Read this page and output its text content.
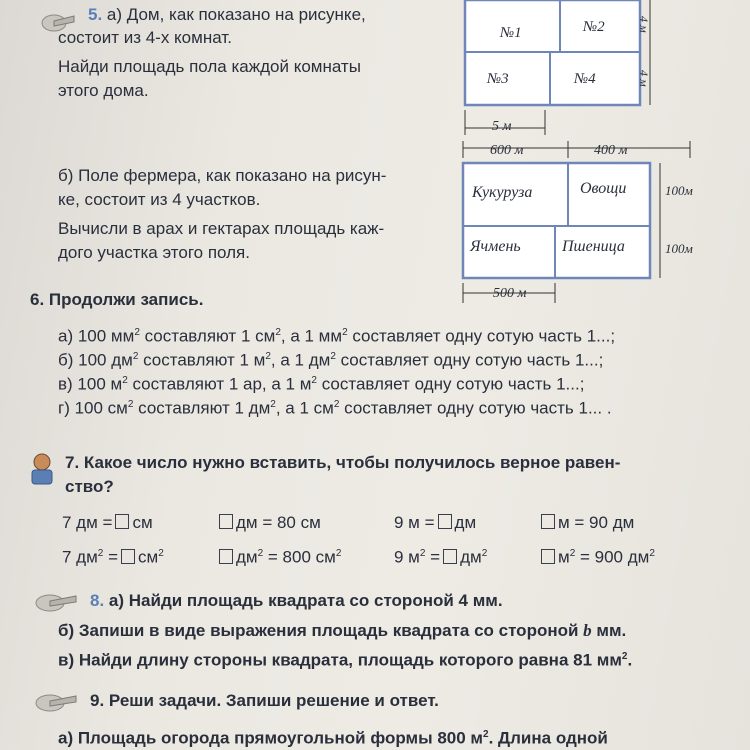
5. а) Дом, как показано на рисунке,
состоит из 4-х комнат.
Найди площадь пола каждой комнаты
этого дома.
№1	№2
№3	№4
5 м
4 м
4 м
600 м	400 м
Кукуруза	Овощи
Ячмень	Пшеница
100м
100м
500 м
б) Поле фермера, как показано на рисун-
ке, состоит из 4 участков.
Вычисли в арах и гектарах площадь каж-
дого участка этого поля.
6. Продолжи запись.
а) 100 $мм^2$ составляют 1 $см^2$, а 1 $мм^2$ составляет одну сотую часть 1...;
б) 100 $дм^2$ составляют 1 $м^2$, а 1 $дм^2$ составляет одну сотую часть 1...;
в) 100 $м^2$ составляют 1 ар, а 1 $м^2$ составляет одну сотую часть 1...;
г) 100 $см^2$ составляют 1 $дм^2$, а 1 $см^2$ составляет одну сотую часть 1... .
7. Какое число нужно вставить, чтобы получилось верное равен-
ство?
7 дм = см	дм = 80 см	9 м = дм	м = 90 дм
7 $дм^2 = см^2$	$дм^2 = 800$ $см^2$	9 $м^2 = дм^2$	$м^2 = 900$ $дм^2$
8. а) Найди площадь квадрата со стороной 4 мм.
б) Запиши в виде выражения площадь квадрата со стороной b мм.
в) Найди длину стороны квадрата, площадь которого равна 81 $мм^2$.
9. Реши задачи. Запиши решение и ответ.
а) Площадь огорода прямоугольной формы 800 $м^2$. Длина одной
